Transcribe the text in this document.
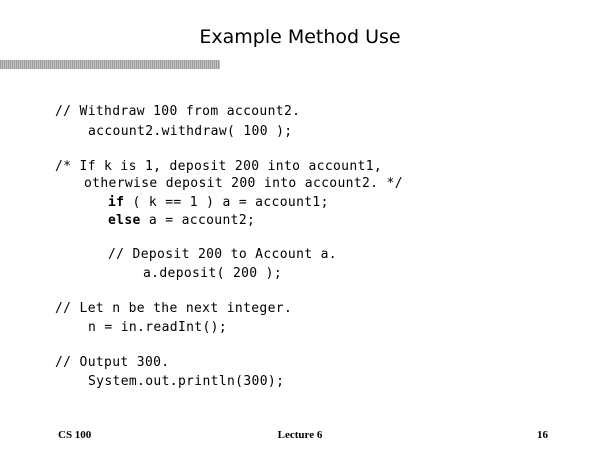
Example Method Use
// Withdraw 100 from account2.
account2.withdraw( 100 );
/* If k is 1, deposit 200 into account1,
otherwise deposit 200 into account2. */
if ( k == 1 ) a = account1;
else a = account2;
// Deposit 200 to Account a.
a.deposit( 200 );
// Let n be the next integer.
n = in.readInt();
// Output 300.
System.out.println(300);
CS 100	Lecture 6	16
